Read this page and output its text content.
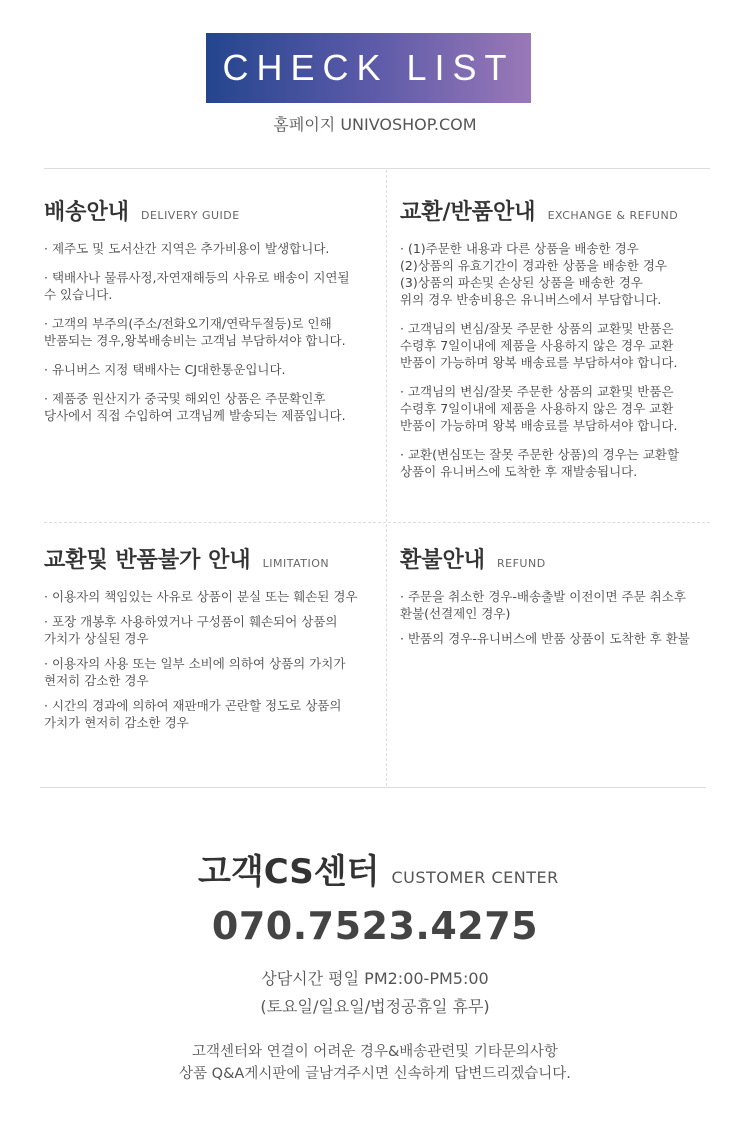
CHECK LIST
홈페이지 UNIVOSHOP.COM
배송안내 DELIVERY GUIDE
· 제주도 및 도서산간 지역은 추가비용이 발생합니다.
· 택배사나 물류사정,자연재해등의 사유로 배송이 지연될
수 있습니다.
· 고객의 부주의(주소/전화오기재/연락두절등)로 인해
반품되는 경우,왕복배송비는 고객님 부담하셔야 합니다.
· 유니버스 지정 택배사는 CJ대한통운입니다.
· 제품중 원산지가 중국및 해외인 상품은 주문확인후
당사에서 직접 수입하여 고객님께 발송되는 제품입니다.
교환/반품안내 EXCHANGE & REFUND
· (1)주문한 내용과 다른 상품을 배송한 경우
(2)상품의 유효기간이 경과한 상품을 배송한 경우
(3)상품의 파손및 손상된 상품을 배송한 경우
위의 경우 반송비용은 유니버스에서 부담합니다.
· 고객님의 변심/잘못 주문한 상품의 교환및 반품은
수령후 7일이내에 제품을 사용하지 않은 경우 교환
반품이 가능하며 왕복 배송료를 부담하셔야 합니다.
· 고객님의 변심/잘못 주문한 상품의 교환및 반품은
수령후 7일이내에 제품을 사용하지 않은 경우 교환
반품이 가능하며 왕복 배송료를 부담하셔야 합니다.
· 교환(변심또는 잘못 주문한 상품)의 경우는 교환할
상품이 유니버스에 도착한 후 재발송됩니다.
교환및 반품불가 안내 LIMITATION
· 이용자의 책임있는 사유로 상품이 분실 또는 훼손된 경우
· 포장 개봉후 사용하였거나 구성품이 훼손되어 상품의
가치가 상실된 경우
· 이용자의 사용 또는 일부 소비에 의하여 상품의 가치가
현저히 감소한 경우
· 시간의 경과에 의하여 재판매가 곤란할 정도로 상품의
가치가 현저히 감소한 경우
환불안내 REFUND
· 주문을 취소한 경우-배송출발 이전이면 주문 취소후
환불(선결제인 경우)
· 반품의 경우-유니버스에 반품 상품이 도착한 후 환불
고객CS센터 CUSTOMER CENTER
070.7523.4275
상담시간 평일 PM2:00-PM5:00
(토요일/일요일/법정공휴일 휴무)
고객센터와 연결이 어려운 경우&배송관련및 기타문의사항
상품 Q&A게시판에 글남겨주시면 신속하게 답변드리겠습니다.
